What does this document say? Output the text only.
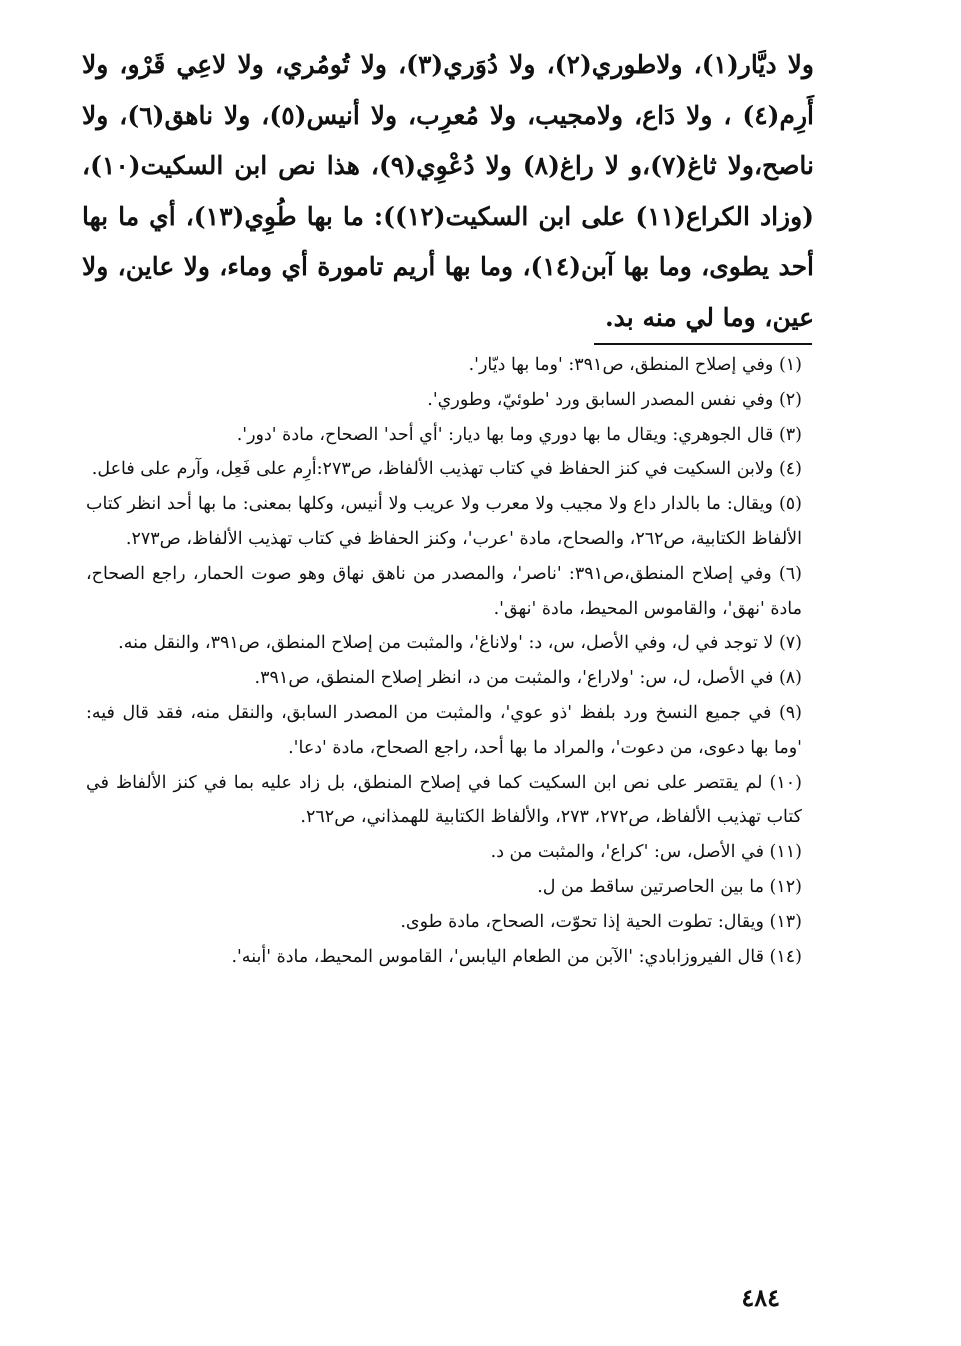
ولا ديَّار(١)، ولاطوري(٢)، ولا دُوَري(٣)، ولا تُومُري، ولا لاعِي قَرْو، ولا أَرِم(٤) ، ولا دَاع، ولامجيب، ولا مُعرِب، ولا أنيس(٥)، ولا ناهق(٦)، ولا ناصح،ولا ثاغ(٧)،و لا راغ(٨) ولا دُعْوِي(٩)، هذا نص ابن السكيت(١٠)، (وزاد الكراع(١١) على ابن السكيت(١٢)): ما بها طُوِي(١٣)، أي ما بها أحد يطوى، وما بها آبن(١٤)، وما بها أريم تامورة أي وماء، ولا عاين، ولا عين، وما لي منه بد.

(١) وفي إصلاح المنطق، ص٣٩١: 'وما بها ديّار'.

(٢) وفي نفس المصدر السابق ورد 'طوئيّ، وطوري'.

(٣) قال الجوهري: ويقال ما بها دوري وما بها ديار: 'أي أحد' الصحاح، مادة 'دور'.

(٤) ولابن السكيت في كنز الحفاظ في كتاب تهذيب الألفاظ، ص٢٧٣:أرِم على فَعِل، وآرم على فاعل.

(٥) ويقال: ما بالدار داع ولا مجيب ولا معرب ولا عريب ولا أنيس، وكلها بمعنى: ما بها أحد انظر كتاب الألفاظ الكتابية، ص٢٦٢، والصحاح، مادة 'عرب'، وكنز الحفاظ في كتاب تهذيب الألفاظ، ص٢٧٣.

(٦) وفي إصلاح المنطق،ص٣٩١: 'ناصر'، والمصدر من ناهق نهاق وهو صوت الحمار، راجع الصحاح، مادة 'نهق'، والقاموس المحيط، مادة 'نهق'.

(٧) لا توجد في ل، وفي الأصل، س، د: 'ولاناغ'، والمثبت من إصلاح المنطق، ص٣٩١، والنقل منه.

(٨) في الأصل، ل، س: 'ولاراع'، والمثبت من د، انظر إصلاح المنطق، ص٣٩١.

(٩) في جميع النسخ ورد بلفظ 'ذو عوي'، والمثبت من المصدر السابق، والنقل منه، فقد قال فيه: 'وما بها دعوى، من دعوت'، والمراد ما بها أحد، راجع الصحاح، مادة 'دعا'.

(١٠) لم يقتصر على نص ابن السكيت كما في إصلاح المنطق، بل زاد عليه بما في كنز الألفاظ في كتاب تهذيب الألفاظ، ص٢٧٢، ٢٧٣، والألفاظ الكتابية للهمذاني، ص٢٦٢.

(١١) في الأصل، س: 'كراع'، والمثبت من د.

(١٢) ما بين الحاصرتين ساقط من ل.

(١٣) ويقال: تطوت الحية إذا تحوّت، الصحاح، مادة طوى.

(١٤) قال الفيروزابادي: 'الآبن من الطعام اليابس'، القاموس المحيط، مادة 'أبنه'.

٤٨٤
